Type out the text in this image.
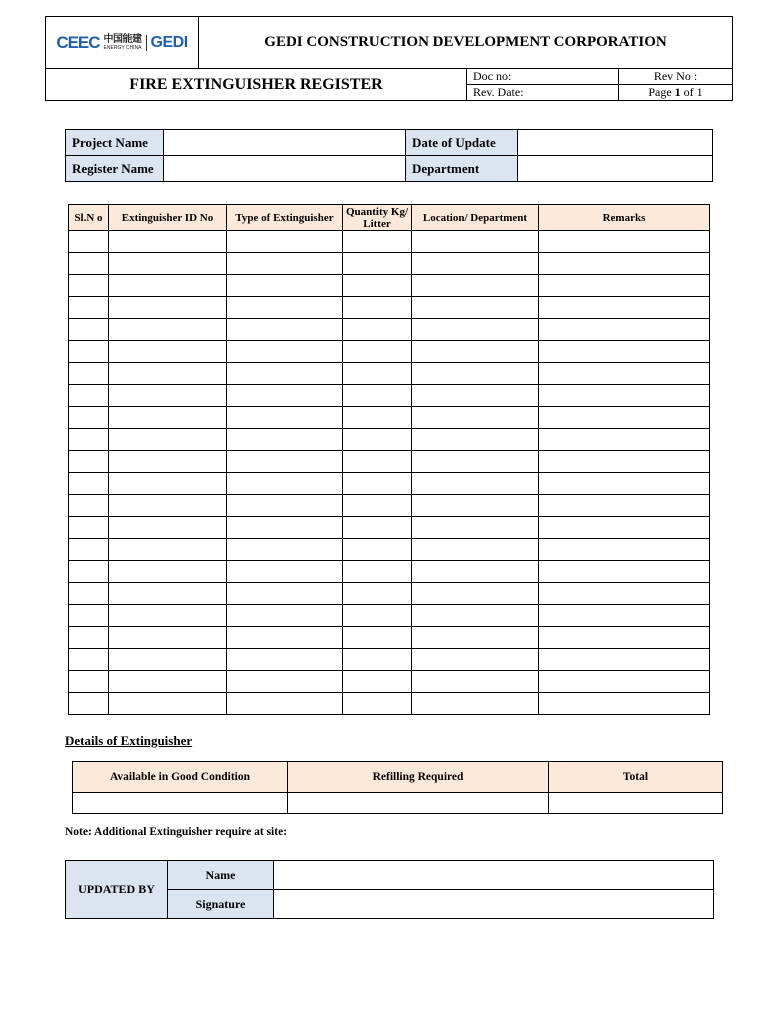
CEEC 中国能建
ENERGY CHINA GEDI	GEDI CONSTRUCTION DEVELOPMENT CORPORATION		
FIRE EXTINGUISHER REGISTER		Doc no:	Rev No :
		Rev. Date:	Page 1 of 1
Project Name		Date of Update	
Register Name		Department	
Sl.N o	Extinguisher ID No	Type of Extinguisher	Quantity Kg/ Litter	Location/ Department	Remarks

Details of Extinguisher
Available in Good Condition	Refilling Required	Total

Note: Additional Extinguisher require at site:
UPDATED BY	Name	
	Signature	
